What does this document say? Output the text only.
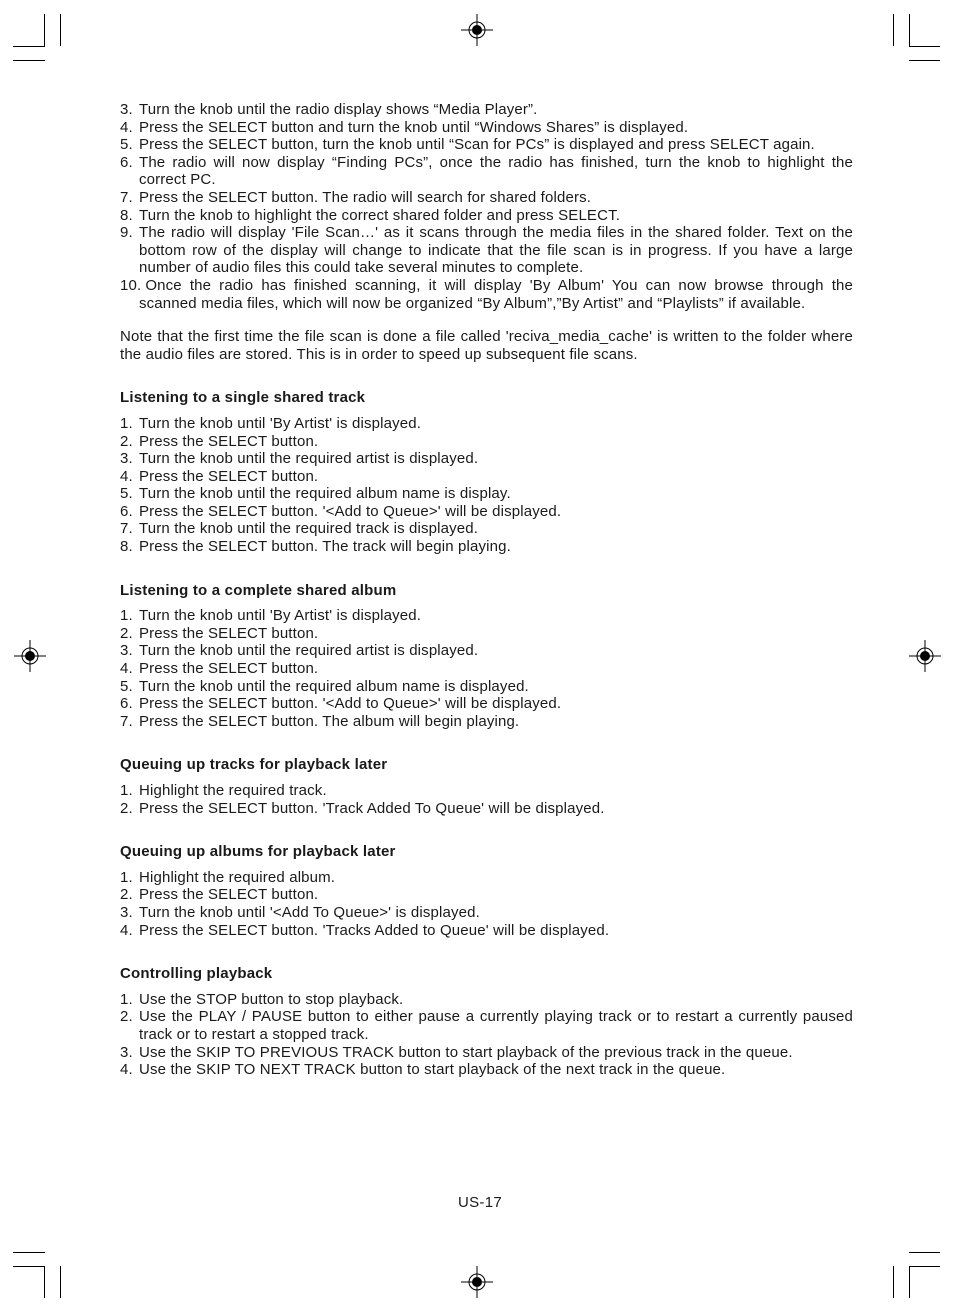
3. Turn the knob until the radio display shows “Media Player”.
4. Press the SELECT button and turn the knob until “Windows Shares” is displayed.
5. Press the SELECT button, turn the knob until “Scan for PCs” is displayed and press SELECT again.
6. The radio will now display “Finding PCs”, once the radio has finished, turn the knob to highlight the correct PC.
7. Press the SELECT button. The radio will search for shared folders.
8. Turn the knob to highlight the correct shared folder and press SELECT.
9. The radio will display 'File Scan…' as it scans through the media files in the shared folder. Text on the bottom row of the display will change to indicate that the file scan is in progress. If you have a large number of audio files this could take several minutes to complete.
10. Once the radio has finished scanning, it will display 'By Album' You can now browse through the scanned media files, which will now be organized “By Album”,”By Artist” and “Playlists” if available.

Note that the first time the file scan is done a file called 'reciva_media_cache' is written to the folder where the audio files are stored. This is in order to speed up subsequent file scans.

Listening to a single shared track
1. Turn the knob until 'By Artist' is displayed.
2. Press the SELECT button.
3. Turn the knob until the required artist is displayed.
4. Press the SELECT button.
5. Turn the knob until the required album name is display.
6. Press the SELECT button. '<Add to Queue>' will be displayed.
7. Turn the knob until the required track is displayed.
8. Press the SELECT button. The track will begin playing.
Listening to a complete shared album
1. Turn the knob until 'By Artist' is displayed.
2. Press the SELECT button.
3. Turn the knob until the required artist is displayed.
4. Press the SELECT button.
5. Turn the knob until the required album name is displayed.
6. Press the SELECT button. '<Add to Queue>' will be displayed.
7. Press the SELECT button. The album will begin playing.
Queuing up tracks for playback later
1. Highlight the required track.
2. Press the SELECT button. 'Track Added To Queue' will be displayed.
Queuing up albums for playback later
1. Highlight the required album.
2. Press the SELECT button.
3. Turn the knob until '<Add To Queue>' is displayed.
4. Press the SELECT button. 'Tracks Added to Queue' will be displayed.
Controlling playback
1. Use the STOP button to stop playback.
2. Use the PLAY / PAUSE button to either pause a currently playing track or to restart a currently paused track or to restart a stopped track.
3. Use the SKIP TO PREVIOUS TRACK button to start playback of the previous track in the queue.
4. Use the SKIP TO NEXT TRACK button to start playback of the next track in the queue.
US-17
